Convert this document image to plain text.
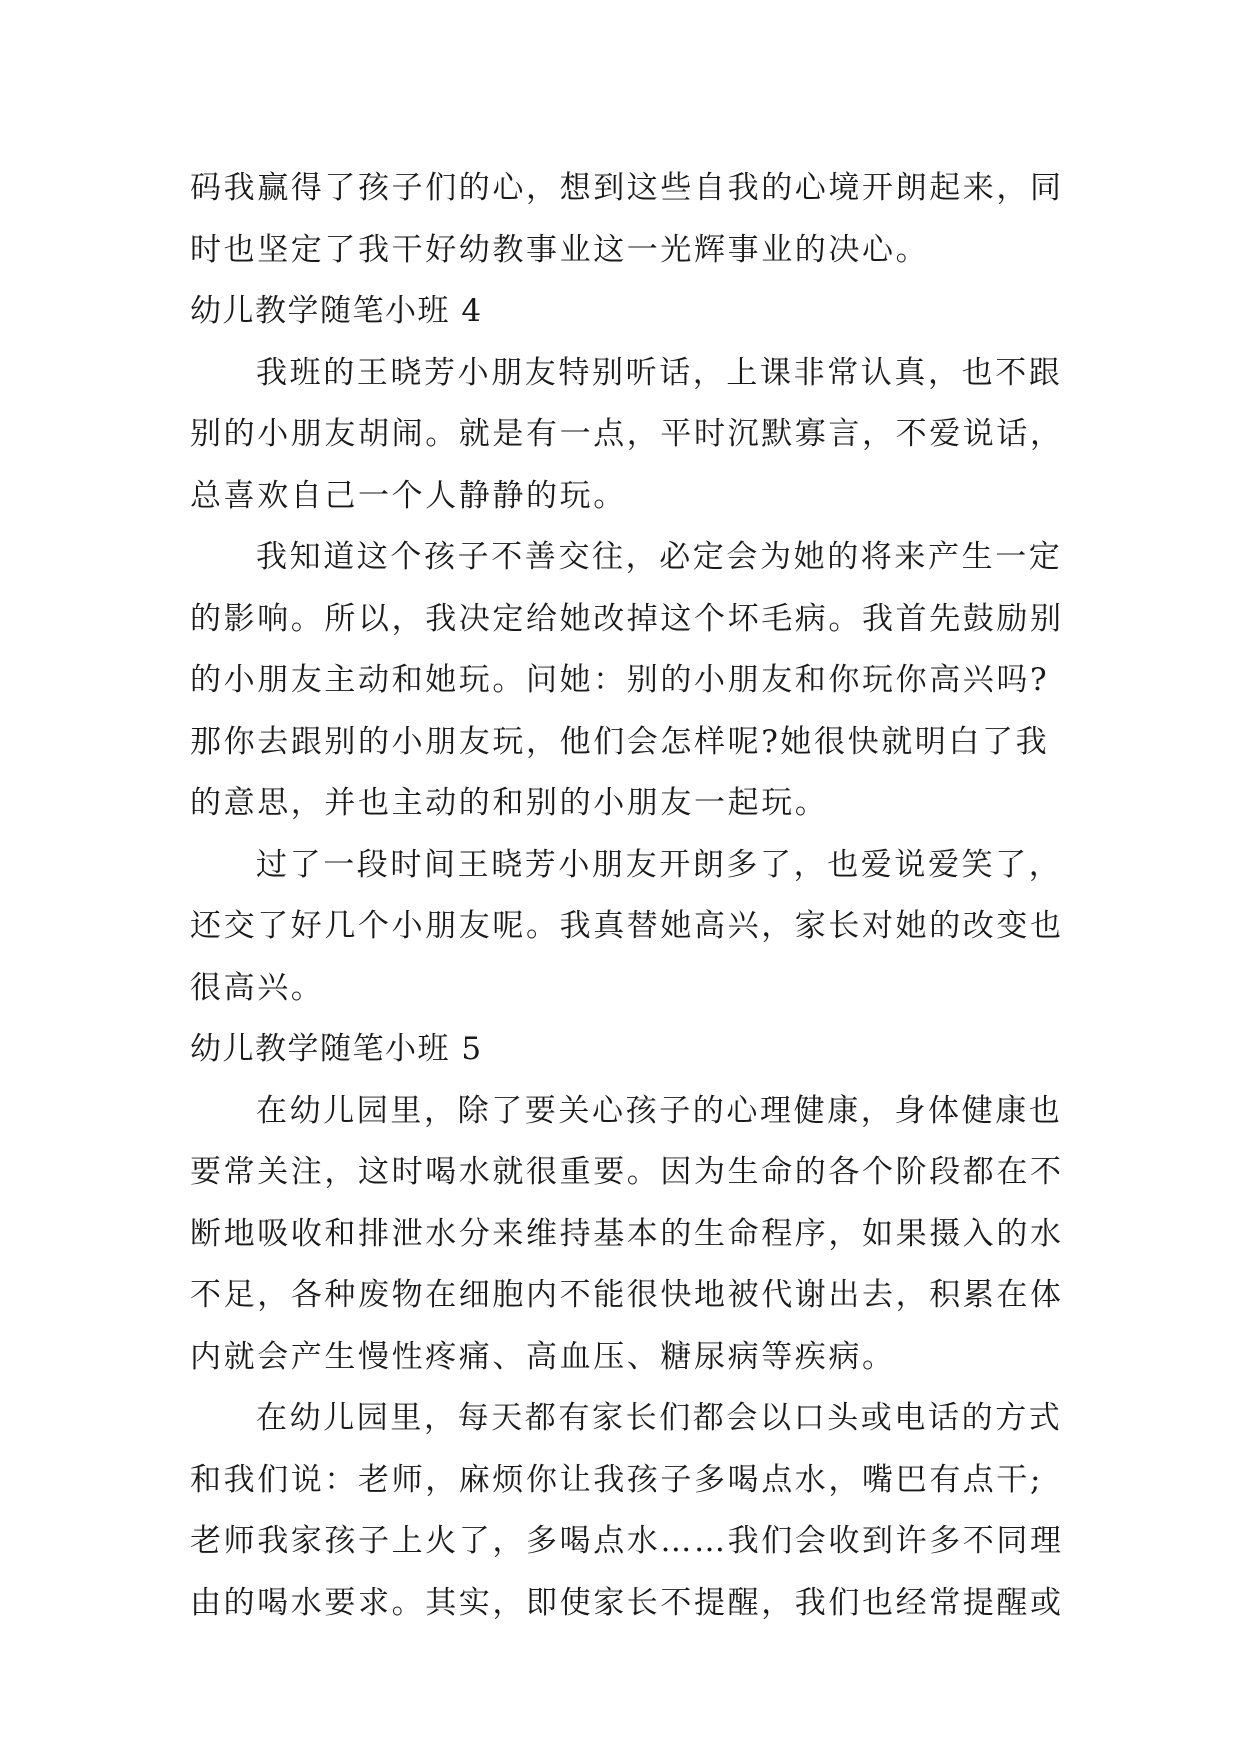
码我赢得了孩子们的心，想到这些自我的心境开朗起来，同
时也坚定了我干好幼教事业这一光辉事业的决心。
幼儿教学随笔小班 4
我班的王晓芳小朋友特别听话，上课非常认真，也不跟
别的小朋友胡闹。就是有一点，平时沉默寡言，不爱说话，
总喜欢自己一个人静静的玩。
我知道这个孩子不善交往，必定会为她的将来产生一定
的影响。所以，我决定给她改掉这个坏毛病。我首先鼓励别
的小朋友主动和她玩。问她：别的小朋友和你玩你高兴吗?
那你去跟别的小朋友玩，他们会怎样呢?她很快就明白了我
的意思，并也主动的和别的小朋友一起玩。
过了一段时间王晓芳小朋友开朗多了，也爱说爱笑了，
还交了好几个小朋友呢。我真替她高兴，家长对她的改变也
很高兴。
幼儿教学随笔小班 5
在幼儿园里，除了要关心孩子的心理健康，身体健康也
要常关注，这时喝水就很重要。因为生命的各个阶段都在不
断地吸收和排泄水分来维持基本的生命程序，如果摄入的水
不足，各种废物在细胞内不能很快地被代谢出去，积累在体
内就会产生慢性疼痛、高血压、糖尿病等疾病。
在幼儿园里，每天都有家长们都会以口头或电话的方式
和我们说：老师，麻烦你让我孩子多喝点水，嘴巴有点干;
老师我家孩子上火了，多喝点水……我们会收到许多不同理
由的喝水要求。其实，即使家长不提醒，我们也经常提醒或
